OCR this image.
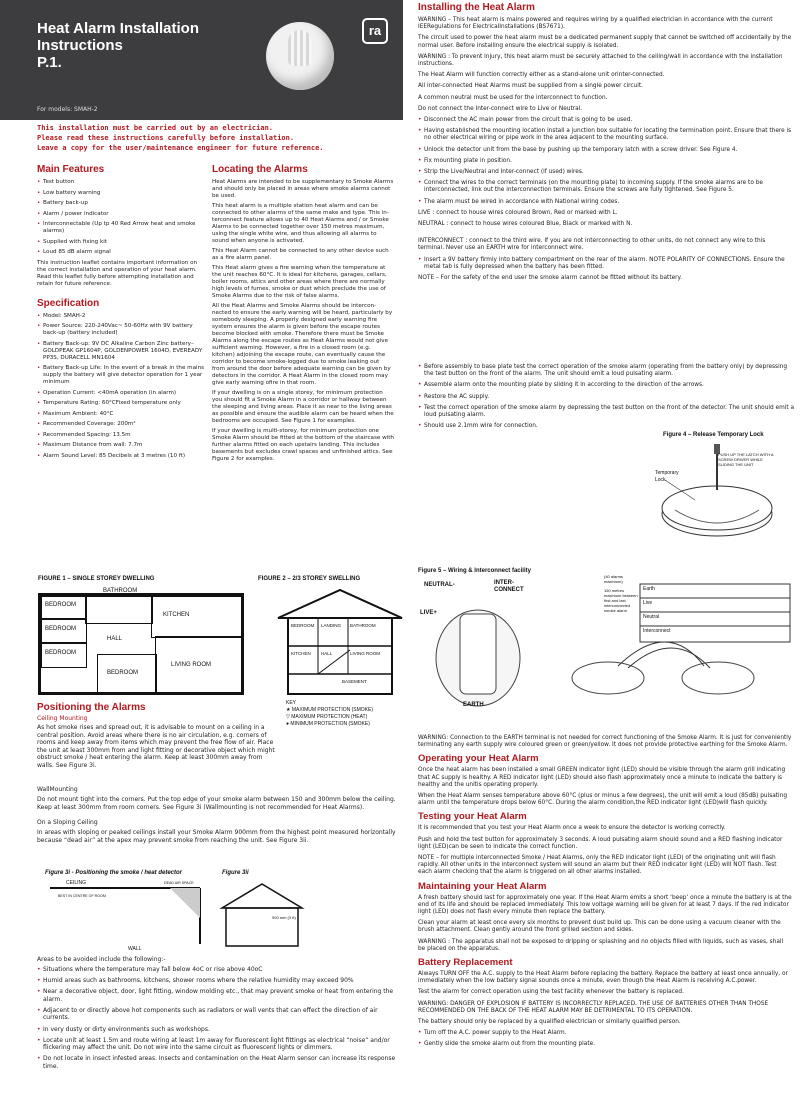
Heat Alarm Installation
Instructions
P.1.
ra
For models: SMAH-2
This installation must be carried out by an electrician.
Please read these instructions carefully before installation.
Leave a copy for the user/maintenance engineer for future reference.
Main Features
• Test button
• Low battery warning
• Battery back-up
• Alarm / power indicator
• Interconnectable (Up tp 40 Red Arrow heat and smoke alarms)
• Supplied with fixing kit
• Loud 85 dB alarm signal

This instruction leaflet contains important information on the correct installation and operation of your heat alarm. Read this leaflet fully before attempting installation and retain for future reference.

Specification
• Model: SMAH-2
• Power Source: 220-240Vac~ 50-60Hz with 9V battery back-up (battery included)
• Battery Back-up: 9V DC Alkaline Carbon Zinc battery– GOLDPEAK GP1604P, GOLDENPOWER 1604D, EVEREADY PP3S, DURACELL MN1604
• Battery Back-up Life: In the event of a break in the mains supply the battery will give detector operation for 1 year minimum
• Operation Current: <40mA operation (in alarm)
• Temperature Rating: 60°CFixed temperature only
• Maximum Ambient: 40°C
• Recommended Coverage: 200m²
• Recommended Spacing: 13.5m
• Maximum Distance from wall: 7.7m
• Alarm Sound Level: 85 Decibels at 3 metres (10 ft)
Locating the Alarms

Heat Alarms are intended to be supplementary to Smoke Alarms and should only be placed in areas where smoke alarms cannot be used.

This heat alarm is a multiple station heat alarm and can be connected to other alarms of the same make and type. This in-terconnect feature allows up to 40 Heat Alarms and / or Smoke Alarms to be connected together over 150 metres maximum, using the single white wire, and thus allowing all alarms to sound when anyone is activated.

This Heat Alarm cannot be connected to any other device such as a fire alarm panel.

This Heat alarm gives a fire warning when the temperature at the unit reaches 60°C. It is ideal for kitchens, garages, cellars, boiler rooms, attics and other areas where there are normally high levels of fumes, smoke or dust which preclude the use of Smoke Alarms due to the risk of false alarms.

All the Heat Alarms and Smoke Alarms should be intercon-nected to ensure the early warning will be heard, particularly by somebody sleeping. A properly designed early warning fire system ensures the alarm is given before the escape routes become blocked with smoke. Therefore there must be Smoke Alarms along the escape routes as Heat Alarms would not give sufficient warning. However, a fire in a closed room (e.g. kitchen) adjoining the escape route, can eventually cause the corridor to become smoke-logged due to smoke leaking out from around the door before adequate warning can be given by detectors in the corridor. A Heat Alarm in the closed room may give early warning ofire in that room.

If your dwelling is on a single storey, for minimum protection you should fit a Smoke Alarm in a corridor or hallway between the sleeping and living areas. Place it as near to the living areas as possible and ensure the audible alarm can be heard when the bedrooms are occupied. See Figure 1 for examples.

If your dwelling is multi-storey, for minimum protection one Smoke Alarm should be fitted at the bottom of the staircase with further alarms fitted on each upstairs landing. This includes basements but excludes crawl spaces and unfinished attics. See Figure 2 for examples.

Installing the Heat Alarm

WARNING – This heat alarm is mains powered and requires wiring by a qualified electrician in accordance with the current IEERegulations for ElectricalInstallations (BS7671).

The circuit used to power the heat alarm must be a dedicated permanent supply that cannot be switched off accidentally by the normal user. Before installing ensure the electrical supply is isolated.

WARNING : To prevent injury, this heat alarm must be securely attached to the ceiling/wall in accordance with the installation instructions.

The Heat Alarm will function correctly either as a stand-alone unit orinter-connected.

All inter-connected Heat Alarms must be supplied from a single power circuit.

A common neutral must be used for the interconnect to function.

Do not connect the Inter-connect wire to Live or Neutral.

• Disconnect the AC main power from the circuit that is going to be used.
• Having established the mounting location install a junction box suitable for locating the termination point. Ensure that there is no other electrical wiring or pipe work in the area adjacent to the mounting surface.
• Unlock the detector unit from the base by pushing up the temporary latch with a screw driver. See Figure 4.
• Fix mounting plate in position.
• Strip the Live/Neutral and Inter-connect (if used) wires.
• Connect the wires to the correct terminals (on the mounting plate) to incoming supply. If the smoke alarms are to be interconnected, link out the interconnection terminals. Ensure the screws are fully tightened. See Figure 5.
• The alarm must be wired in accordance with National wiring codes.

LIVE : connect to house wires coloured Brown, Red or marked with L.

NEUTRAL : connect to house wires coloured Blue, Black or marked with N.

INTERCONNECT : connect to the third wire. If you are not interconnecting to other units, do not connect any wire to this terminal. Never use an EARTH wire for interconnect wire.

• Insert a 9V battery firmly into battery compartment on the rear of the alarm. NOTE POLARITY OF CONNECTIONS. Ensure the metal tab is fully depressed when the battery has been fitted.

NOTE – For the safety of the end user the smoke alarm cannot be fitted without its battery.

• Before assembly to base plate test the correct operation of the smoke alarm (operating from the battery only) by depressing the test button on the front of the alarm. The unit should emit a loud pulsating alarm.
• Assemble alarm onto the mounting plate by sliding it in according to the direction of the arrows.
• Restore the AC supply.
• Test the correct operation of the smoke alarm by depressing the test button on the front of the detector. The unit should emit a loud pulsating alarm.
• Should use 2.1mm wire for connection.
Figure 4 – Release Temporary Lock
Temporary Lock
PUSH UP THE LATCH WITH A SCREW DRIVER WHILE SLIDING THE UNIT
FIGURE 1 – SINGLE STOREY DWELLING
BEDROOM
BATHROOM
KITCHEN
BEDROOM
HALL
BEDROOM
BEDROOM
LIVING ROOM
FIGURE 2 – 2/3 STOREY SWELLING
BEDROOM LANDING BATHROOM
KITCHEN HALL	LIVING ROOM
BASEMENT
KEY
★ MAXIMUM PROTECTION (SMOKE)
▽ MAXIMUM PROTECTION (HEAT)
● MINIMUM PROTECTION (SMOKE)
Figure 5 – Wiring & Interconnect facility
NEUTRAL-	INTER-CONNECT
LIVE+
EARTH
Earth
Live
Neutral
Interconnect
(40 alarms maximum)
150 metres maximum between first and last interconnected smoke alarm
Positioning the Alarms

Ceiling Mounting

As hot smoke rises and spread out, it is advisable to mount on a ceiling in a central position. Avoid areas where there is no air circulation, e.g. corners of rooms and keep away from items which may prevent the free flow of air. Place the unit at least 300mm from and light fitting or decorative object which might obstruct smoke / heat entering the alarm. Keep at least 300mm away from walls. See Figure 3i.

WallMounting

Do not mount tight into the corners. Put the top edge of your smoke alarm between 150 and 300mm below the ceiling. Keep at least 300mm from room corners. See Figure 3i (Wallmounting is not recommended for Heat Alarms).

On a Sloping Ceiling

In areas with sloping or peaked ceilings install your Smoke Alarm 900mm from the highest point measured horizontally because “dead air” at the apex may prevent smoke from reaching the unit. See Figure 3ii.

Figure 3i - Positioning the smoke / heat detector	Figure 3ii
CEILING
WALL
900 mm (3 ft)
BEST IN CENTRE OF ROOM
DEAD AIR SPACE

Areas to be avoided include the following:-

• Situations where the temperature may fall below 4oC or rise above 40oC
• Humid areas such as bathrooms, kitchens, shower rooms where the relative humidity may exceed 90%
• Near a decorative object, door, light fitting, window molding etc., that may prevent smoke or heat from entering the alarm.
• Adjacent to or directly above hot components such as radiators or wall vents that can effect the direction of air currents.
• In very dusty or dirty environments such as workshops.
• Locate unit at least 1.5m and route wiring at least 1m away for fluorescent light fittings as electrical “noise” and/or flickering may affect the unit. Do not wire into the same circuit as fluorescent lights or dimmers.
• Do not locate in insect infested areas. Insects and contamination on the Heat Alarm sensor can increase its response time.

WARNING: Connection to the EARTH terminal is not needed for correct functioning of the Smoke Alarm. It is just for conveniently terminating any earth supply wire coloured green or green/yellow. It does not provide protective earthing for the Smoke Alarm.

Operating your Heat Alarm

Once the heat alarm has been installed a small GREEN indicator light (LED) should be visible through the alarm grill indicating that AC supply is healthy. A RED indicator light (LED) should also flash approximately once a minute to indicate the battery is healthy and the unitis operating properly.

When the Heat Alarm senses temperature above 60°C (plus or minus a few degrees), the unit will emit a loud (85dB) pulsating alarm until the temperature drops below 60°C. During the alarm condition,the RED indicator light (LED)will flash quickly.

Testing your Heat Alarm

It is recommended that you test your Heat Alarm once a week to ensure the detector is working correctly.

Push and hold the test button for approximately 3 seconds. A loud pulsating alarm should sound and a RED flashing indicator light (LED)can be seen to indicate the correct function.

NOTE – for multiple interconnected Smoke / Heat Alarms, only the RED indicator light (LED) of the originating unit will flash rapidly. All other units in the interconnect system will sound an alarm but their RED indicator light (LED) will NOT flash. Test each alarm checking that the alarm is triggered on all other alarms installed.

Maintaining your Heat Alarm

A fresh battery should last for approximately one year. If the Heat Alarm emits a short ‘beep’ once a minute the battery is at the end of its life and should be replaced immediately. This low voltage warning will be given for at least 7 days. If the red indicator light (LED) does not flash every minute then replace the battery.

Clean your alarm at least once every six months to prevent dust build up. This can be done using a vacuum cleaner with the brush attachment. Clean gently around the front grilled section and sides.

WARNING : The apparatus shall not be exposed to dripping or splashing and no objects filled with liquids, such as vases, shall be placed on the apparatus.

Battery Replacement

Always TURN OFF the A.C. supply to the Heat Alarm before replacing the battery. Replace the battery at least once annually, or immediately when the low battery signal sounds once a minute, even though the Heat Alarm is receiving A.C.power.

Test the alarm for correct operation using the test facility whenever the battery is replaced.

WARNING: DANGER OF EXPLOSION IF BATTERY IS INCORRECTLY REPLACED. THE USE OF BATTERIES OTHER THAN THOSE RECOMMENDED ON THE BACK OF THE HEAT ALARM MAY BE DETRIMENTAL TO ITS OPERATION.

The battery should only be replaced by a qualified electrician or similarly qualified person.

• Turn off the A.C. power supply to the Heat Alarm.
• Gently slide the smoke alarm out from the mounting plate.
